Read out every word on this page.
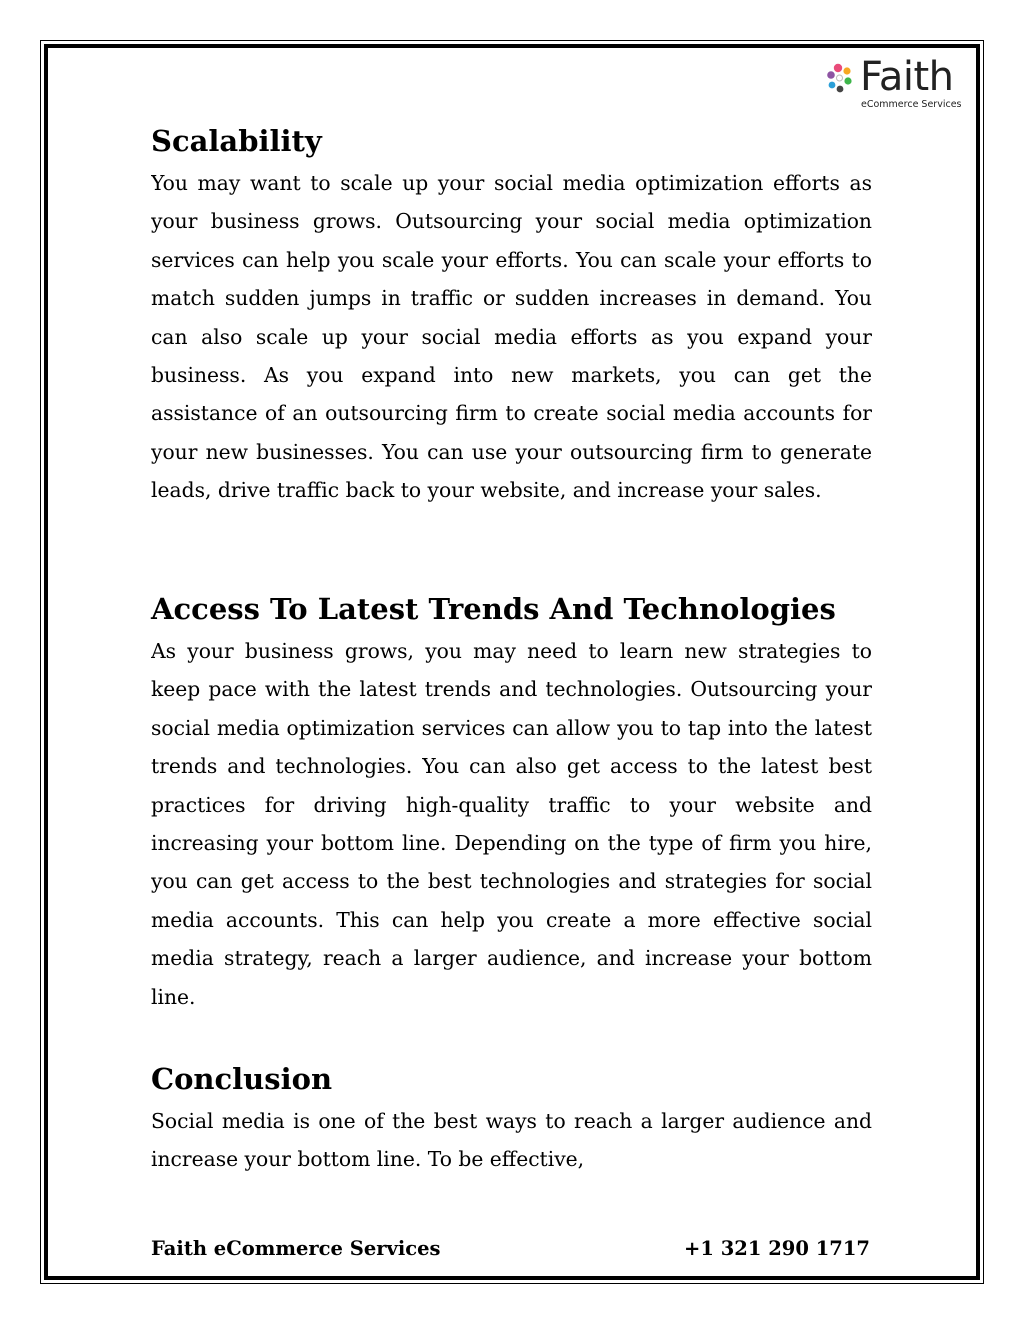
Faith
eCommerce Services
Scalability

You may want to scale up your social media optimization efforts as your business grows. Outsourcing your social media optimization services can help you scale your efforts. You can scale your efforts to match sudden jumps in traffic or sudden increases in demand. You can also scale up your social media efforts as you expand your business. As you expand into new markets, you can get the assistance of an outsourcing firm to create social media accounts for your new businesses. You can use your outsourcing firm to generate leads, drive traffic back to your website, and increase your sales.

Access To Latest Trends And Technologies

As your business grows, you may need to learn new strategies to keep pace with the latest trends and technologies. Outsourcing your social media optimization services can allow you to tap into the latest trends and technologies. You can also get access to the latest best practices for driving high-quality traffic to your website and increasing your bottom line. Depending on the type of firm you hire, you can get access to the best technologies and strategies for social media accounts. This can help you create a more effective social media strategy, reach a larger audience, and increase your bottom line.

Conclusion

Social media is one of the best ways to reach a larger audience and increase your bottom line. To be effective,

Faith eCommerce Services	+1 321 290 1717
